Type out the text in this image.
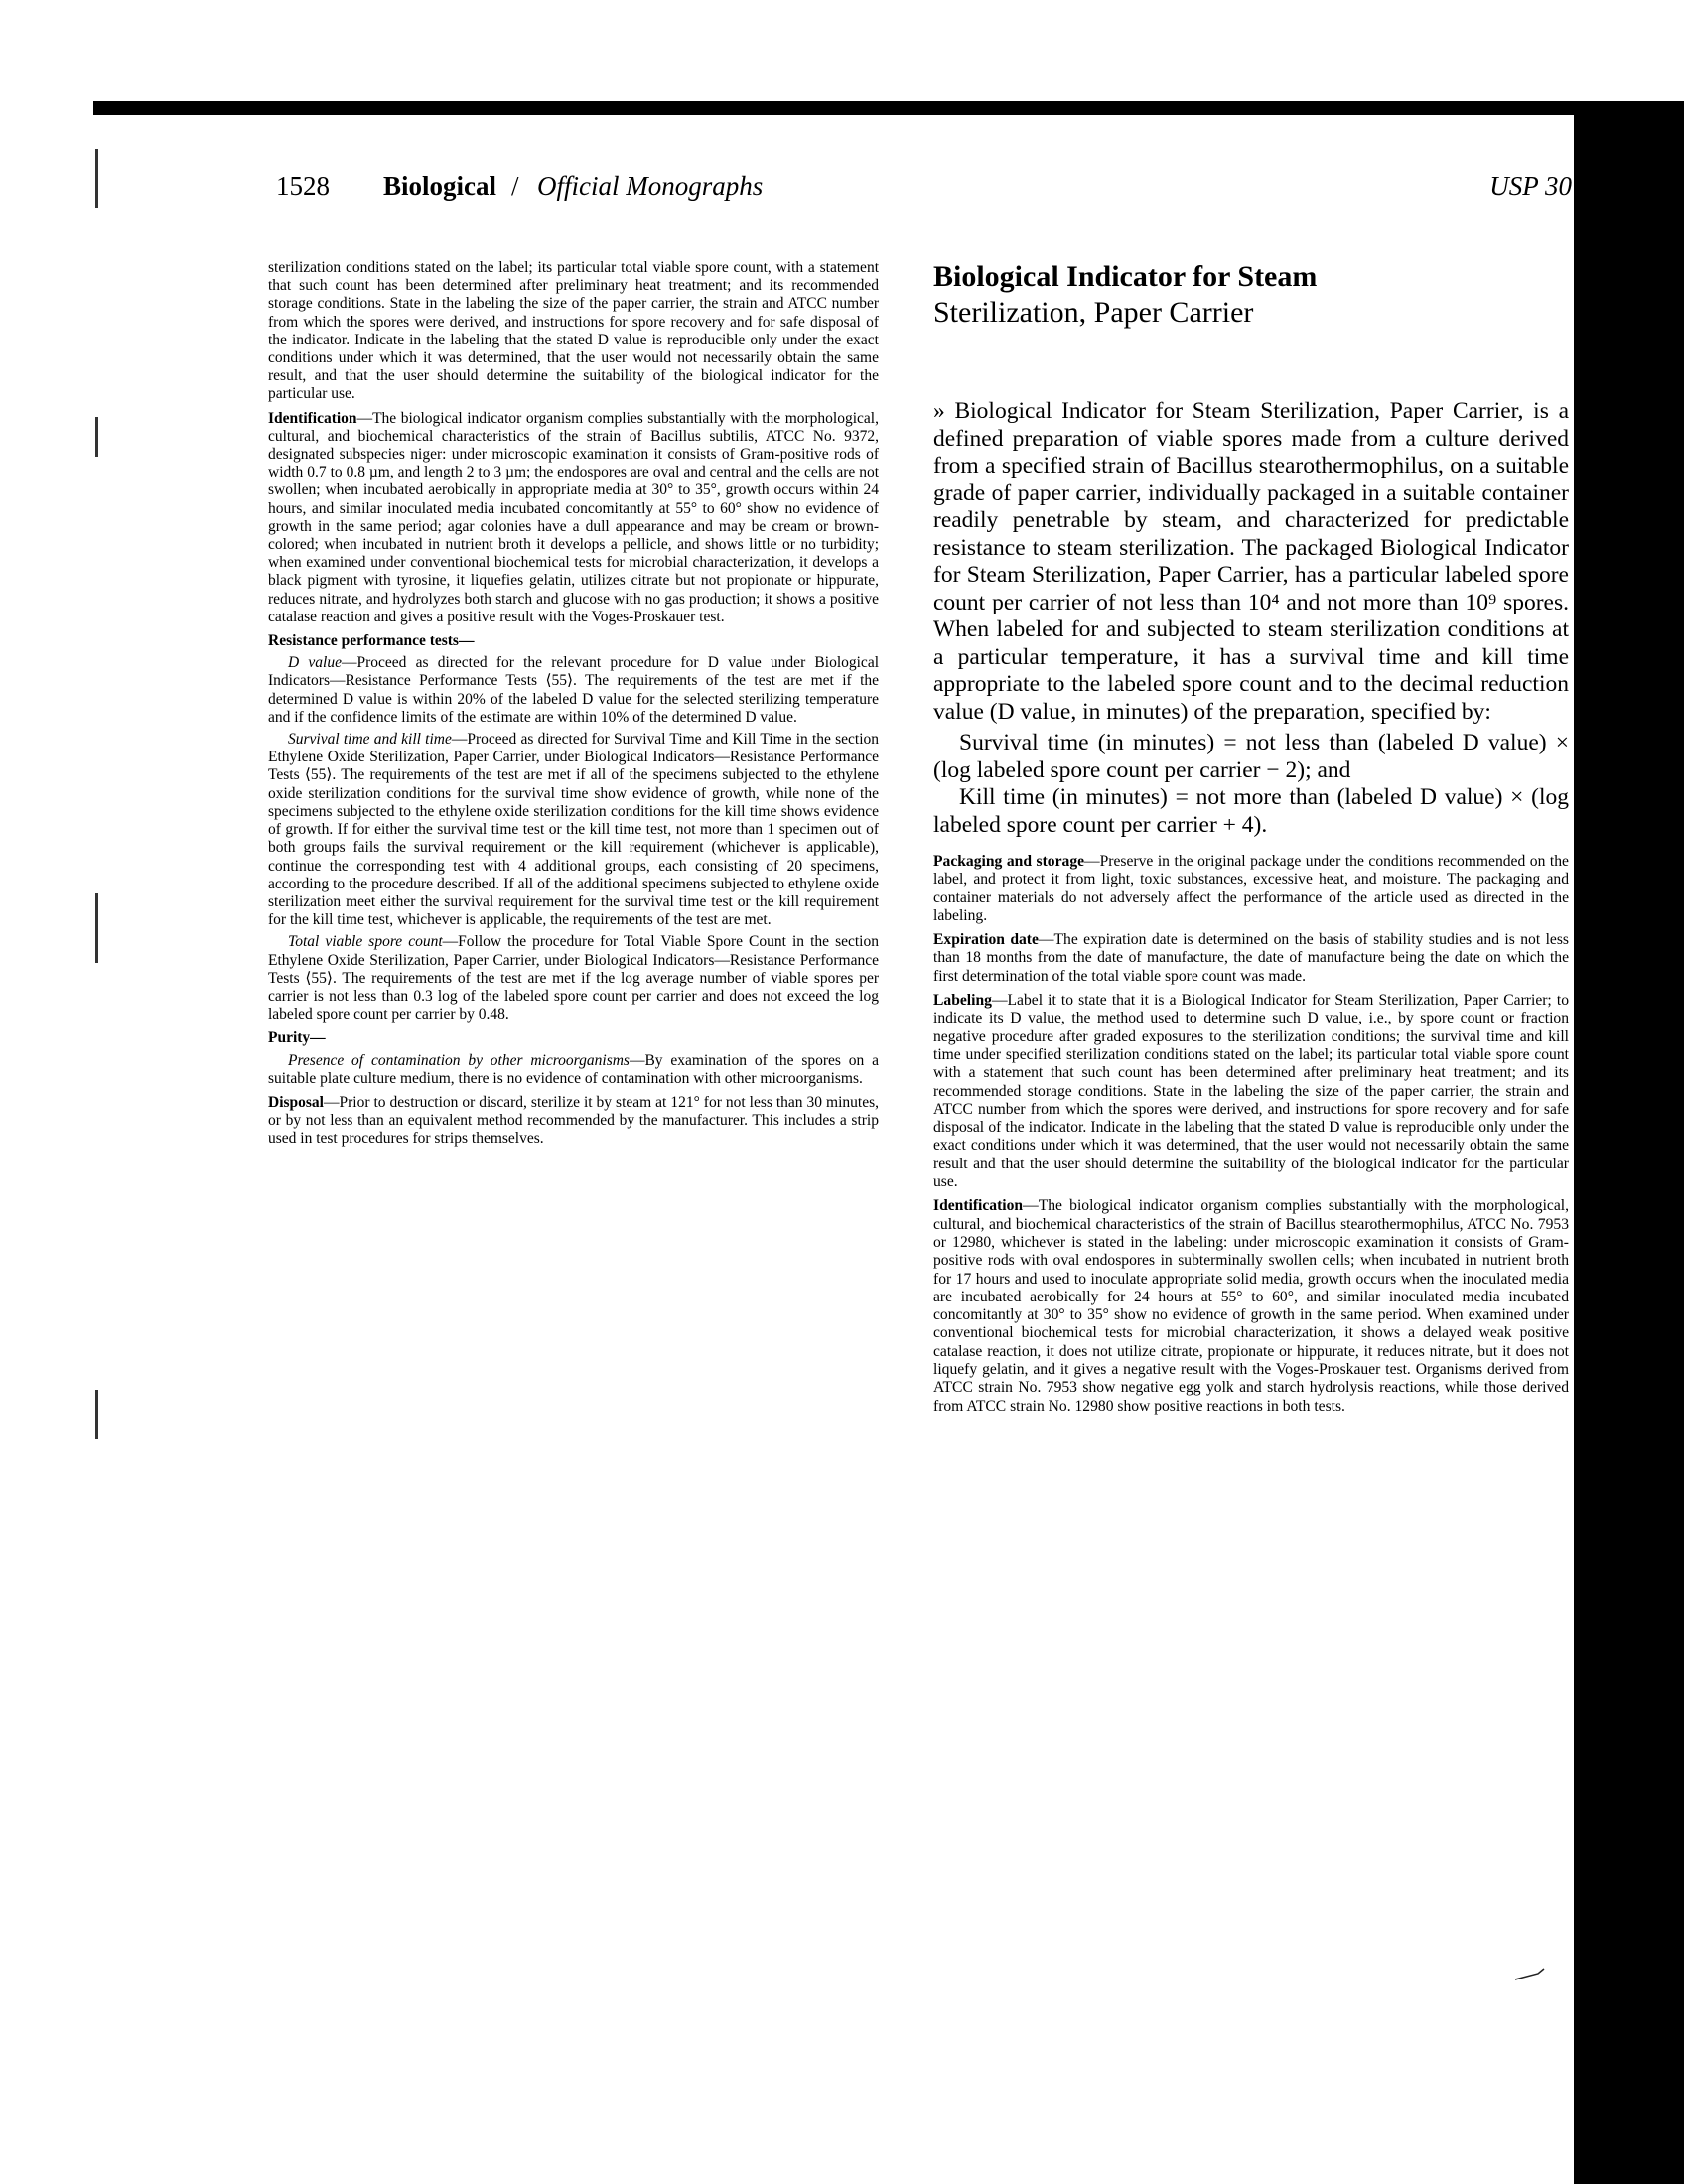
1528 Biological / Official Monographs	USP 30

sterilization conditions stated on the label; its particular total viable spore count, with a statement that such count has been determined after preliminary heat treatment; and its recommended storage conditions. State in the labeling the size of the paper carrier, the strain and ATCC number from which the spores were derived, and instructions for spore recovery and for safe disposal of the indicator. Indicate in the labeling that the stated D value is reproducible only under the exact conditions under which it was determined, that the user would not necessarily obtain the same result, and that the user should determine the suitability of the biological indicator for the particular use.

Identification—The biological indicator organism complies substantially with the morphological, cultural, and biochemical characteristics of the strain of Bacillus subtilis, ATCC No. 9372, designated subspecies niger: under microscopic examination it consists of Gram-positive rods of width 0.7 to 0.8 µm, and length 2 to 3 µm; the endospores are oval and central and the cells are not swollen; when incubated aerobically in appropriate media at 30° to 35°, growth occurs within 24 hours, and similar inoculated media incubated concomitantly at 55° to 60° show no evidence of growth in the same period; agar colonies have a dull appearance and may be cream or brown-colored; when incubated in nutrient broth it develops a pellicle, and shows little or no turbidity; when examined under conventional biochemical tests for microbial characterization, it develops a black pigment with tyrosine, it liquefies gelatin, utilizes citrate but not propionate or hippurate, reduces nitrate, and hydrolyzes both starch and glucose with no gas production; it shows a positive catalase reaction and gives a positive result with the Voges-Proskauer test.

Resistance performance tests—

D value—Proceed as directed for the relevant procedure for D value under Biological Indicators—Resistance Performance Tests ⟨55⟩. The requirements of the test are met if the determined D value is within 20% of the labeled D value for the selected sterilizing temperature and if the confidence limits of the estimate are within 10% of the determined D value.

Survival time and kill time—Proceed as directed for Survival Time and Kill Time in the section Ethylene Oxide Sterilization, Paper Carrier, under Biological Indicators—Resistance Performance Tests ⟨55⟩. The requirements of the test are met if all of the specimens subjected to the ethylene oxide sterilization conditions for the survival time show evidence of growth, while none of the specimens subjected to the ethylene oxide sterilization conditions for the kill time shows evidence of growth. If for either the survival time test or the kill time test, not more than 1 specimen out of both groups fails the survival requirement or the kill requirement (whichever is applicable), continue the corresponding test with 4 additional groups, each consisting of 20 specimens, according to the procedure described. If all of the additional specimens subjected to ethylene oxide sterilization meet either the survival requirement for the survival time test or the kill requirement for the kill time test, whichever is applicable, the requirements of the test are met.

Total viable spore count—Follow the procedure for Total Viable Spore Count in the section Ethylene Oxide Sterilization, Paper Carrier, under Biological Indicators—Resistance Performance Tests ⟨55⟩. The requirements of the test are met if the log average number of viable spores per carrier is not less than 0.3 log of the labeled spore count per carrier and does not exceed the log labeled spore count per carrier by 0.48.

Purity—

Presence of contamination by other microorganisms—By examination of the spores on a suitable plate culture medium, there is no evidence of contamination with other microorganisms.

Disposal—Prior to destruction or discard, sterilize it by steam at 121° for not less than 30 minutes, or by not less than an equivalent method recommended by the manufacturer. This includes a strip used in test procedures for strips themselves.

Biological Indicator for Steam

Sterilization, Paper Carrier

» Biological Indicator for Steam Sterilization, Paper Carrier, is a defined preparation of viable spores made from a culture derived from a specified strain of Bacillus stearothermophilus, on a suitable grade of paper carrier, individually packaged in a suitable container readily penetrable by steam, and characterized for predictable resistance to steam sterilization. The packaged Biological Indicator for Steam Sterilization, Paper Carrier, has a particular labeled spore count per carrier of not less than 10⁴ and not more than 10⁹ spores. When labeled for and subjected to steam sterilization conditions at a particular temperature, it has a survival time and kill time appropriate to the labeled spore count and to the decimal reduction value (D value, in minutes) of the preparation, specified by:

Survival time (in minutes) = not less than (labeled D value) × (log labeled spore count per carrier − 2); and

Kill time (in minutes) = not more than (labeled D value) × (log labeled spore count per carrier + 4).

Packaging and storage—Preserve in the original package under the conditions recommended on the label, and protect it from light, toxic substances, excessive heat, and moisture. The packaging and container materials do not adversely affect the performance of the article used as directed in the labeling.

Expiration date—The expiration date is determined on the basis of stability studies and is not less than 18 months from the date of manufacture, the date of manufacture being the date on which the first determination of the total viable spore count was made.

Labeling—Label it to state that it is a Biological Indicator for Steam Sterilization, Paper Carrier; to indicate its D value, the method used to determine such D value, i.e., by spore count or fraction negative procedure after graded exposures to the sterilization conditions; the survival time and kill time under specified sterilization conditions stated on the label; its particular total viable spore count with a statement that such count has been determined after preliminary heat treatment; and its recommended storage conditions. State in the labeling the size of the paper carrier, the strain and ATCC number from which the spores were derived, and instructions for spore recovery and for safe disposal of the indicator. Indicate in the labeling that the stated D value is reproducible only under the exact conditions under which it was determined, that the user would not necessarily obtain the same result and that the user should determine the suitability of the biological indicator for the particular use.

Identification—The biological indicator organism complies substantially with the morphological, cultural, and biochemical characteristics of the strain of Bacillus stearothermophilus, ATCC No. 7953 or 12980, whichever is stated in the labeling: under microscopic examination it consists of Gram-positive rods with oval endospores in subterminally swollen cells; when incubated in nutrient broth for 17 hours and used to inoculate appropriate solid media, growth occurs when the inoculated media are incubated aerobically for 24 hours at 55° to 60°, and similar inoculated media incubated concomitantly at 30° to 35° show no evidence of growth in the same period. When examined under conventional biochemical tests for microbial characterization, it shows a delayed weak positive catalase reaction, it does not utilize citrate, propionate or hippurate, it reduces nitrate, but it does not liquefy gelatin, and it gives a negative result with the Voges-Proskauer test. Organisms derived from ATCC strain No. 7953 show negative egg yolk and starch hydrolysis reactions, while those derived from ATCC strain No. 12980 show positive reactions in both tests.
